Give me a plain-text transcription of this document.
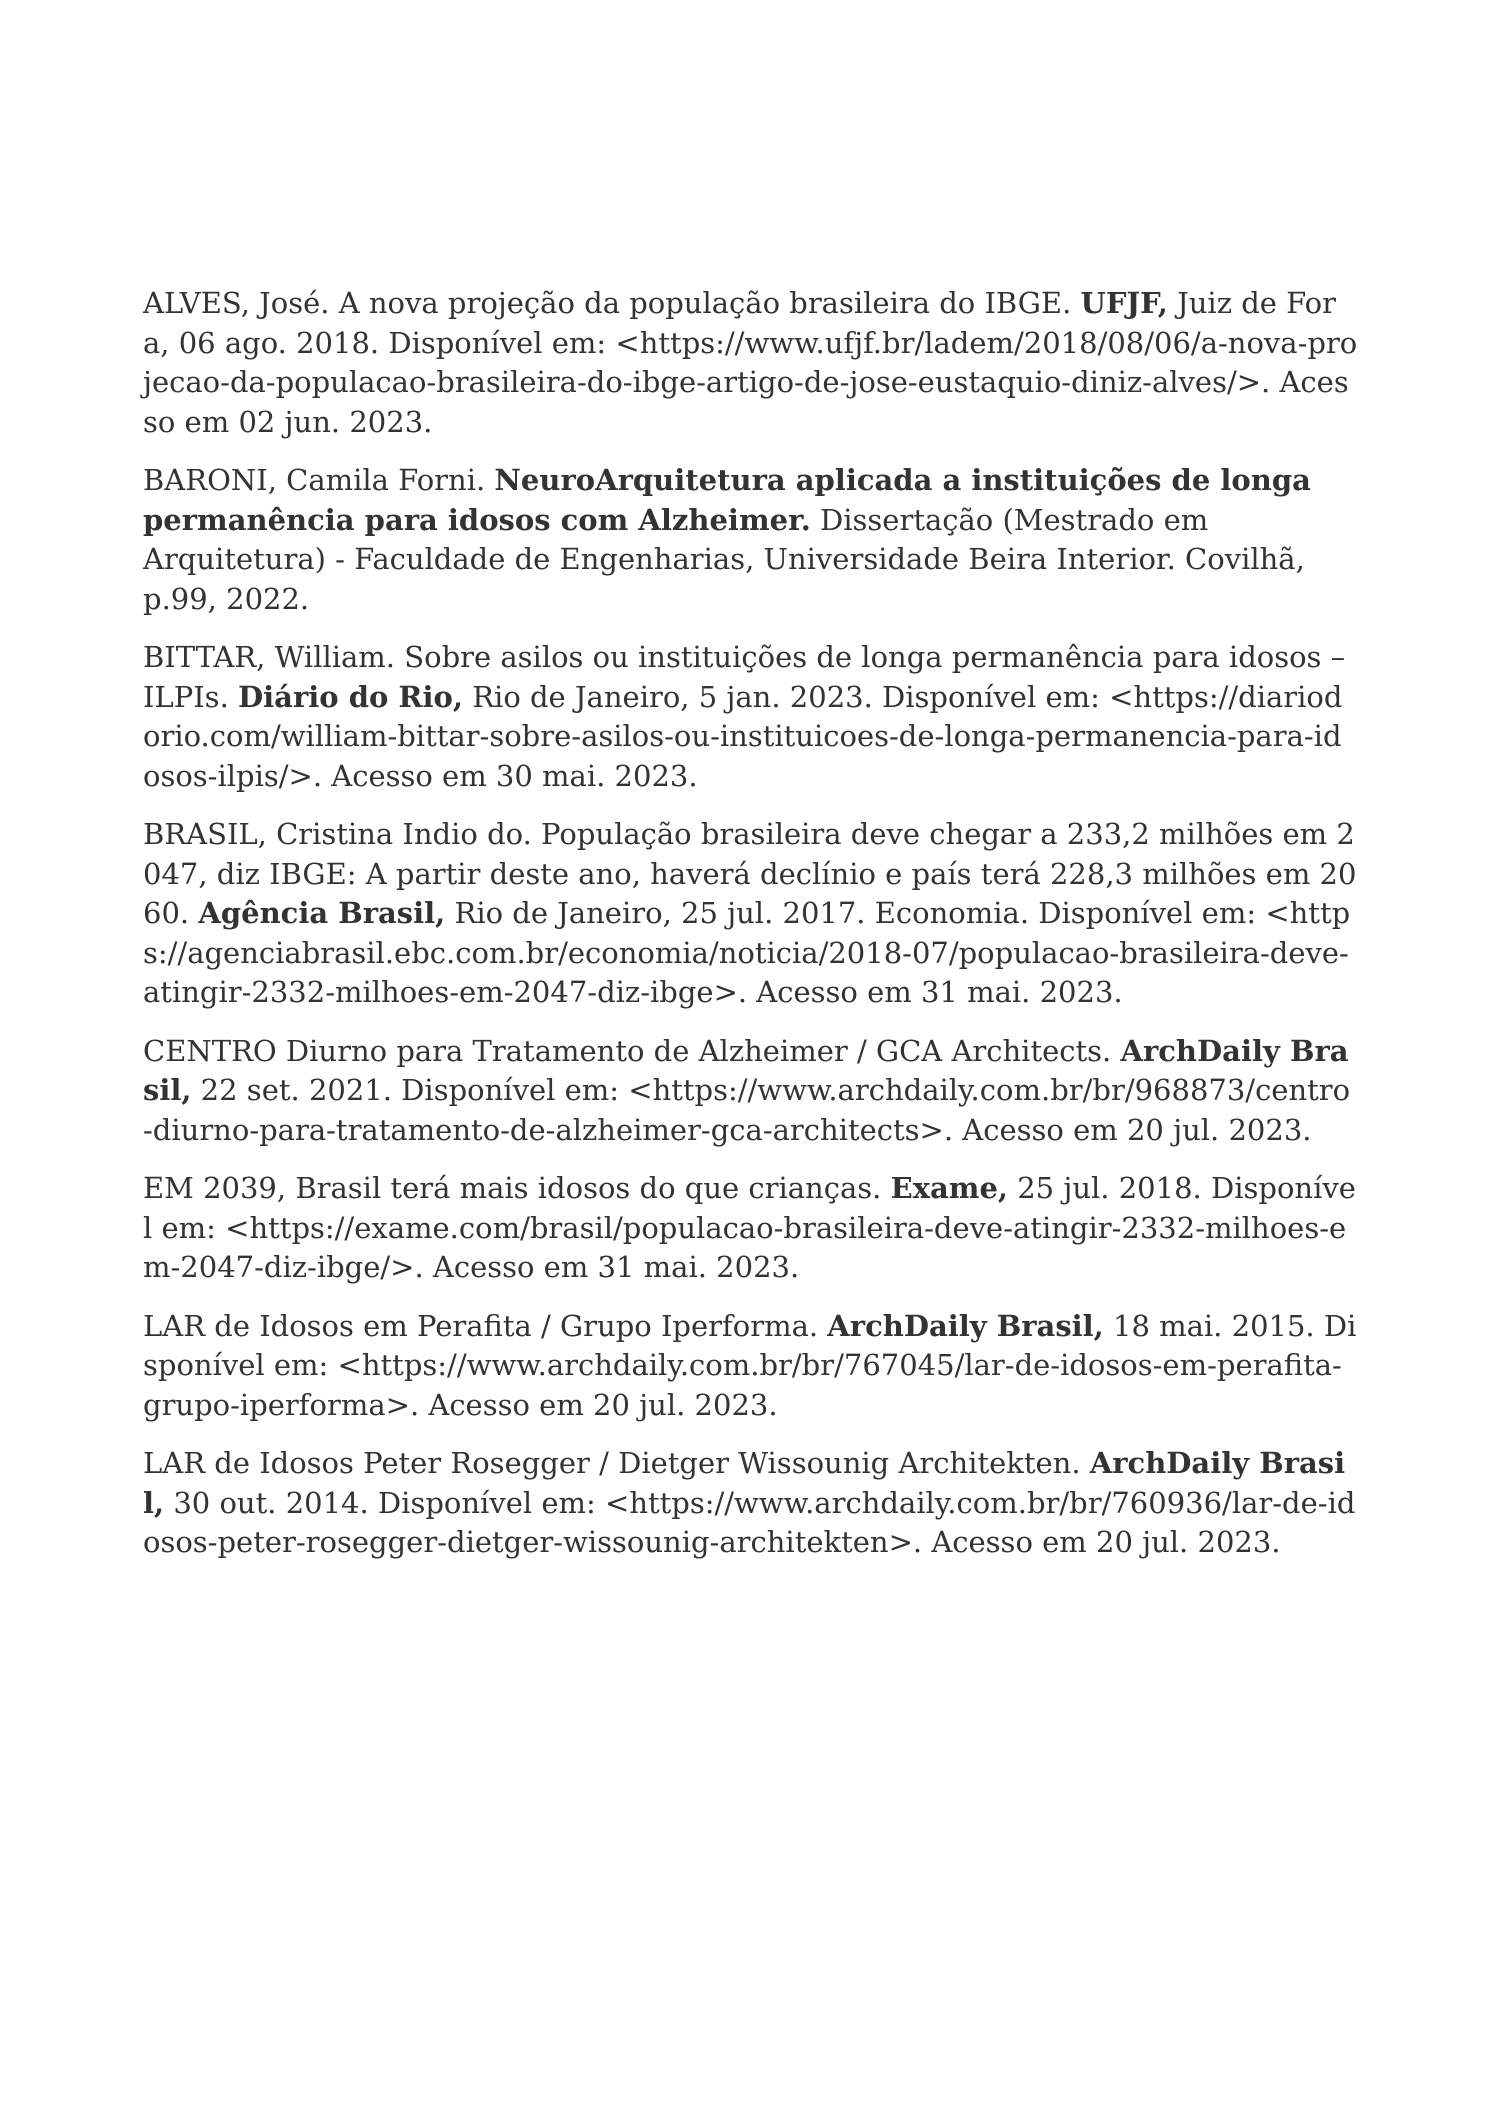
ALVES, José. A nova projeção da população brasileira do IBGE. UFJF, Juiz de Fora, 06 ago. 2018. Disponível em: <https://www.ufjf.br/ladem/2018/08/06/a-nova-projecao-da-populacao-brasileira-do-ibge-artigo-de-jose-eustaquio-diniz-alves/>. Acesso em 02 jun. 2023.

BARONI, Camila Forni. NeuroArquitetura aplicada a instituições de longa permanência para idosos com Alzheimer. Dissertação (Mestrado em Arquitetura) - Faculdade de Engenharias, Universidade Beira Interior. Covilhã, p.99, 2022.

BITTAR, William. Sobre asilos ou instituições de longa permanência para idosos – ILPIs. Diário do Rio, Rio de Janeiro, 5 jan. 2023. Disponível em: <https://diariodorio.com/william-bittar-sobre-asilos-ou-instituicoes-de-longa-permanencia-para-idosos-ilpis/>. Acesso em 30 mai. 2023.

BRASIL, Cristina Indio do. População brasileira deve chegar a 233,2 milhões em 2047, diz IBGE: A partir deste ano, haverá declínio e país terá 228,3 milhões em 2060. Agência Brasil, Rio de Janeiro, 25 jul. 2017. Economia. Disponível em: <https://agenciabrasil.ebc.com.br/economia/noticia/2018-07/populacao-brasileira-deve-atingir-2332-milhoes-em-2047-diz-ibge>. Acesso em 31 mai. 2023.

CENTRO Diurno para Tratamento de Alzheimer / GCA Architects. ArchDaily Brasil, 22 set. 2021. Disponível em: <https://www.archdaily.com.br/br/968873/centro-diurno-para-tratamento-de-alzheimer-gca-architects>. Acesso em 20 jul. 2023.

EM 2039, Brasil terá mais idosos do que crianças. Exame, 25 jul. 2018. Disponível em: <https://exame.com/brasil/populacao-brasileira-deve-atingir-2332-milhoes-em-2047-diz-ibge/>. Acesso em 31 mai. 2023.

LAR de Idosos em Perafita / Grupo Iperforma. ArchDaily Brasil, 18 mai. 2015. Disponível em: <https://www.archdaily.com.br/br/767045/lar-de-idosos-em-perafita-grupo-iperforma>. Acesso em 20 jul. 2023.

LAR de Idosos Peter Rosegger / Dietger Wissounig Architekten. ArchDaily Brasil, 30 out. 2014. Disponível em: <https://www.archdaily.com.br/br/760936/lar-de-idosos-peter-rosegger-dietger-wissounig-architekten>. Acesso em 20 jul. 2023.
